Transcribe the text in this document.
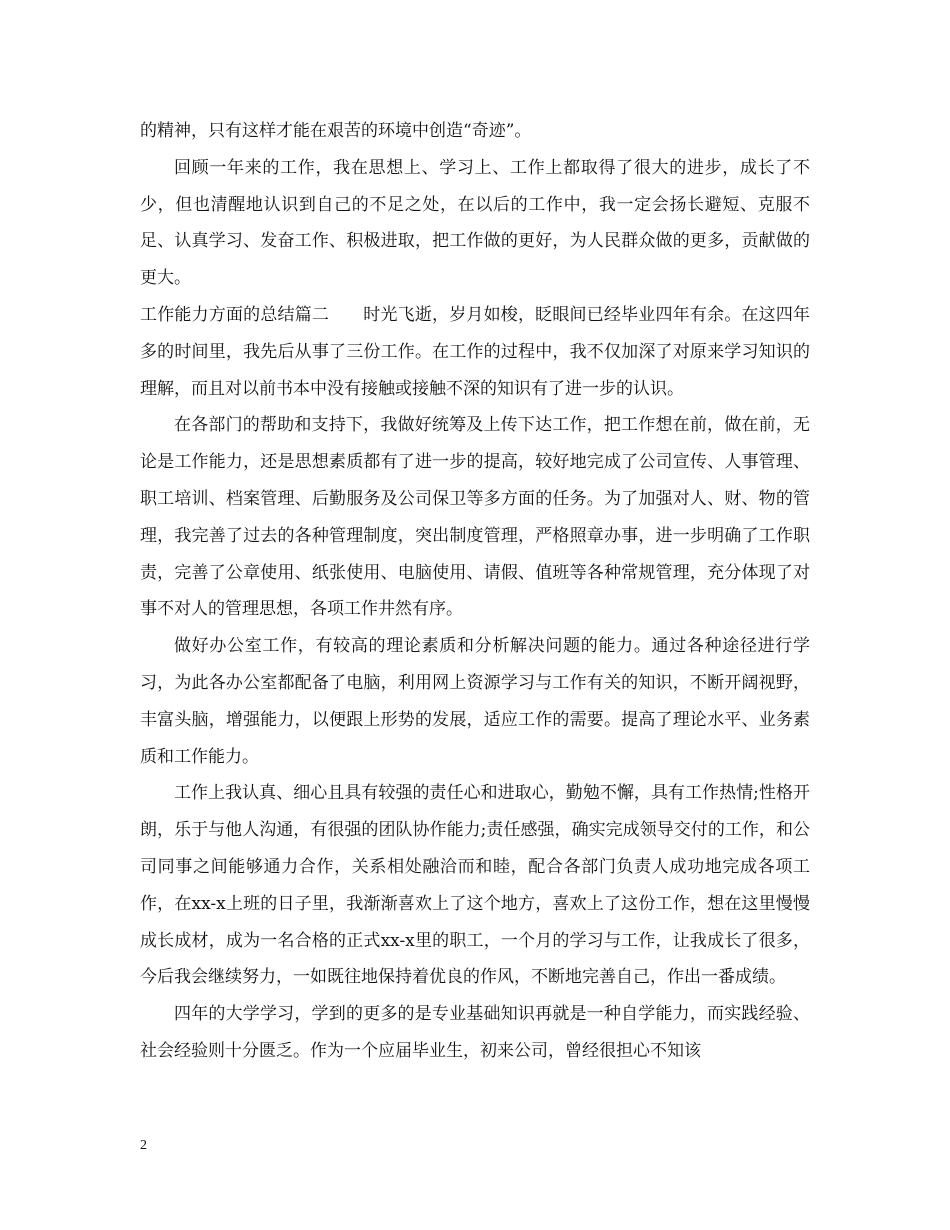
的精神，只有这样才能在艰苦的环境中创造“奇迹”。

回顾一年来的工作，我在思想上、学习上、工作上都取得了很大的进步，成长了不少，但也清醒地认识到自己的不足之处，在以后的工作中，我一定会扬长避短、克服不足、认真学习、发奋工作、积极进取，把工作做的更好，为人民群众做的更多，贡献做的更大。

工作能力方面的总结篇二 时光飞逝，岁月如梭，眨眼间已经毕业四年有余。在这四年多的时间里，我先后从事了三份工作。在工作的过程中，我不仅加深了对原来学习知识的理解，而且对以前书本中没有接触或接触不深的知识有了进一步的认识。

在各部门的帮助和支持下，我做好统筹及上传下达工作，把工作想在前，做在前，无论是工作能力，还是思想素质都有了进一步的提高，较好地完成了公司宣传、人事管理、职工培训、档案管理、后勤服务及公司保卫等多方面的任务。为了加强对人、财、物的管理，我完善了过去的各种管理制度，突出制度管理，严格照章办事，进一步明确了工作职责，完善了公章使用、纸张使用、电脑使用、请假、值班等各种常规管理，充分体现了对事不对人的管理思想，各项工作井然有序。

做好办公室工作，有较高的理论素质和分析解决问题的能力。通过各种途径进行学习，为此各办公室都配备了电脑，利用网上资源学习与工作有关的知识，不断开阔视野，丰富头脑，增强能力，以便跟上形势的发展，适应工作的需要。提高了理论水平、业务素质和工作能力。

工作上我认真、细心且具有较强的责任心和进取心，勤勉不懈，具有工作热情;性格开朗，乐于与他人沟通，有很强的团队协作能力;责任感强，确实完成领导交付的工作，和公司同事之间能够通力合作，关系相处融洽而和睦，配合各部门负责人成功地完成各项工作，在xx-x上班的日子里，我渐渐喜欢上了这个地方，喜欢上了这份工作，想在这里慢慢成长成材，成为一名合格的正式xx-x里的职工，一个月的学习与工作，让我成长了很多，今后我会继续努力，一如既往地保持着优良的作风，不断地完善自己，作出一番成绩。

四年的大学学习，学到的更多的是专业基础知识再就是一种自学能力，而实践经验、社会经验则十分匮乏。作为一个应届毕业生，初来公司，曾经很担心不知该

2
